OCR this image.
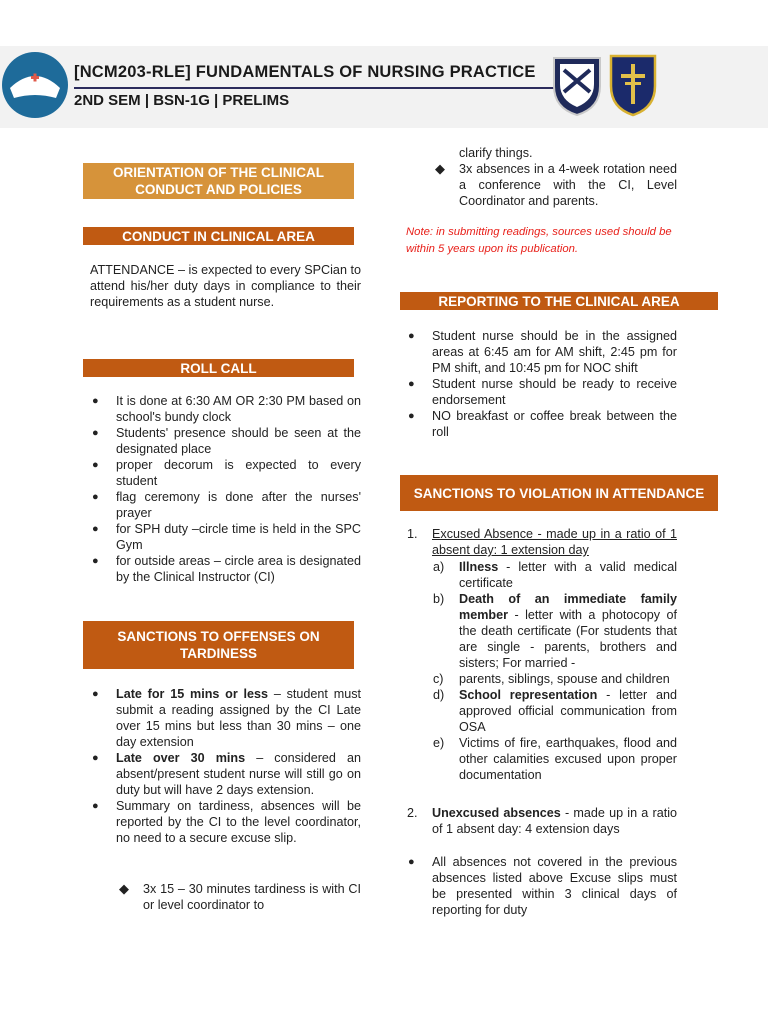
[NCM203-RLE] FUNDAMENTALS OF NURSING PRACTICE
2ND SEM | BSN-1G | PRELIMS
ORIENTATION OF THE CLINICAL CONDUCT AND POLICIES
CONDUCT IN CLINICAL AREA
ATTENDANCE – is expected to every SPCian to attend his/her duty days in compliance to their requirements as a student nurse.
ROLL CALL
● It is done at 6:30 AM OR 2:30 PM based on school's bundy clock
● Students' presence should be seen at the designated place
● proper decorum is expected to every student
● flag ceremony is done after the nurses' prayer
● for SPH duty –circle time is held in the SPC Gym
● for outside areas – circle area is designated by the Clinical Instructor (CI)
SANCTIONS TO OFFENSES ON TARDINESS
● Late for 15 mins or less – student must submit a reading assigned by the CI Late over 15 mins but less than 30 mins – one day extension
● Late over 30 mins – considered an absent/present student nurse will still go on duty but will have 2 days extension.
● Summary on tardiness, absences will be reported by the CI to the level coordinator, no need to a secure excuse slip.
◆ 3x 15 – 30 minutes tardiness is with CI or level coordinator to
clarify things.
◆ 3x absences in a 4-week rotation need a conference with the CI, Level Coordinator and parents.
Note: in submitting readings, sources used should be within 5 years upon its publication.
REPORTING TO THE CLINICAL AREA
● Student nurse should be in the assigned areas at 6:45 am for AM shift, 2:45 pm for PM shift, and 10:45 pm for NOC shift
● Student nurse should be ready to receive endorsement
● NO breakfast or coffee break between the roll
SANCTIONS TO VIOLATION IN ATTENDANCE
1. Excused Absence - made up in a ratio of 1 absent day: 1 extension day
a) Illness - letter with a valid medical certificate
b) Death of an immediate family member - letter with a photocopy of the death certificate (For students that are single - parents, brothers and sisters; For married -
c) parents, siblings, spouse and children
d) School representation - letter and approved official communication from OSA
e) Victims of fire, earthquakes, flood and other calamities excused upon proper documentation
2. Unexcused absences - made up in a ratio of 1 absent day: 4 extension days
● All absences not covered in the previous absences listed above Excuse slips must be presented within 3 clinical days of reporting for duty
